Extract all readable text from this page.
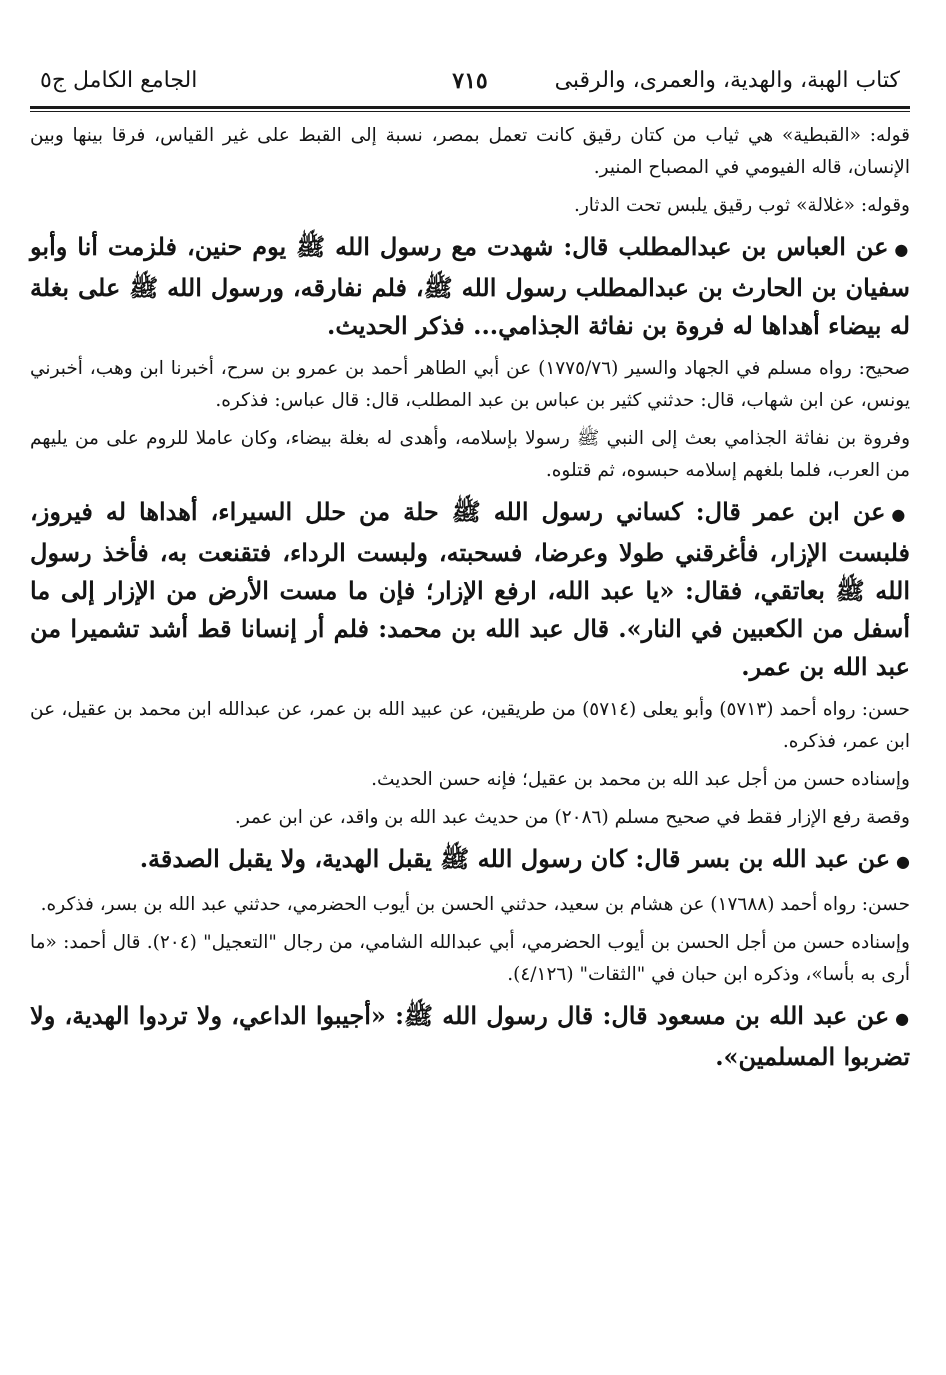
كتاب الهبة، والهدية، والعمرى، والرقبى
٧١٥
الجامع الكامل ج٥

قوله: «القبطية» هي ثياب من كتان رقيق كانت تعمل بمصر، نسبة إلى القبط على غير القياس، فرقا بينها وبين الإنسان، قاله الفيومي في المصباح المنير.

وقوله: «غلالة» ثوب رقيق يلبس تحت الدثار.

●عن العباس بن عبدالمطلب قال: شهدت مع رسول الله ﷺ يوم حنين، فلزمت أنا وأبو سفيان بن الحارث بن عبدالمطلب رسول الله ﷺ، فلم نفارقه، ورسول الله ﷺ على بغلة له بيضاء أهداها له فروة بن نفاثة الجذامي... فذكر الحديث.

صحيح: رواه مسلم في الجهاد والسير (١٧٧٥/٧٦) عن أبي الطاهر أحمد بن عمرو بن سرح، أخبرنا ابن وهب، أخبرني يونس، عن ابن شهاب، قال: حدثني كثير بن عباس بن عبد المطلب، قال: قال عباس: فذكره.

وفروة بن نفاثة الجذامي بعث إلى النبي ﷺ رسولا بإسلامه، وأهدى له بغلة بيضاء، وكان عاملا للروم على من يليهم من العرب، فلما بلغهم إسلامه حبسوه، ثم قتلوه.

●عن ابن عمر قال: كساني رسول الله ﷺ حلة من حلل السيراء، أهداها له فيروز، فلبست الإزار، فأغرقني طولا وعرضا، فسحبته، ولبست الرداء، فتقنعت به، فأخذ رسول الله ﷺ بعاتقي، فقال: «يا عبد الله، ارفع الإزار؛ فإن ما مست الأرض من الإزار إلى ما أسفل من الكعبين في النار». قال عبد الله بن محمد: فلم أر إنسانا قط أشد تشميرا من عبد الله بن عمر.

حسن: رواه أحمد (٥٧١٣) وأبو يعلى (٥٧١٤) من طريقين، عن عبيد الله بن عمر، عن عبدالله ابن محمد بن عقيل، عن ابن عمر، فذكره.

وإسناده حسن من أجل عبد الله بن محمد بن عقيل؛ فإنه حسن الحديث.

وقصة رفع الإزار فقط في صحيح مسلم (٢٠٨٦) من حديث عبد الله بن واقد، عن ابن عمر.

●عن عبد الله بن بسر قال: كان رسول الله ﷺ يقبل الهدية، ولا يقبل الصدقة.

حسن: رواه أحمد (١٧٦٨٨) عن هشام بن سعيد، حدثني الحسن بن أيوب الحضرمي، حدثني عبد الله بن بسر، فذكره.

وإسناده حسن من أجل الحسن بن أيوب الحضرمي، أبي عبدالله الشامي، من رجال "التعجيل" (٢٠٤). قال أحمد: «ما أرى به بأسا»، وذكره ابن حبان في "الثقات" (٤/١٢٦).

●عن عبد الله بن مسعود قال: قال رسول الله ﷺ: «أجيبوا الداعي، ولا تردوا الهدية، ولا تضربوا المسلمين».
